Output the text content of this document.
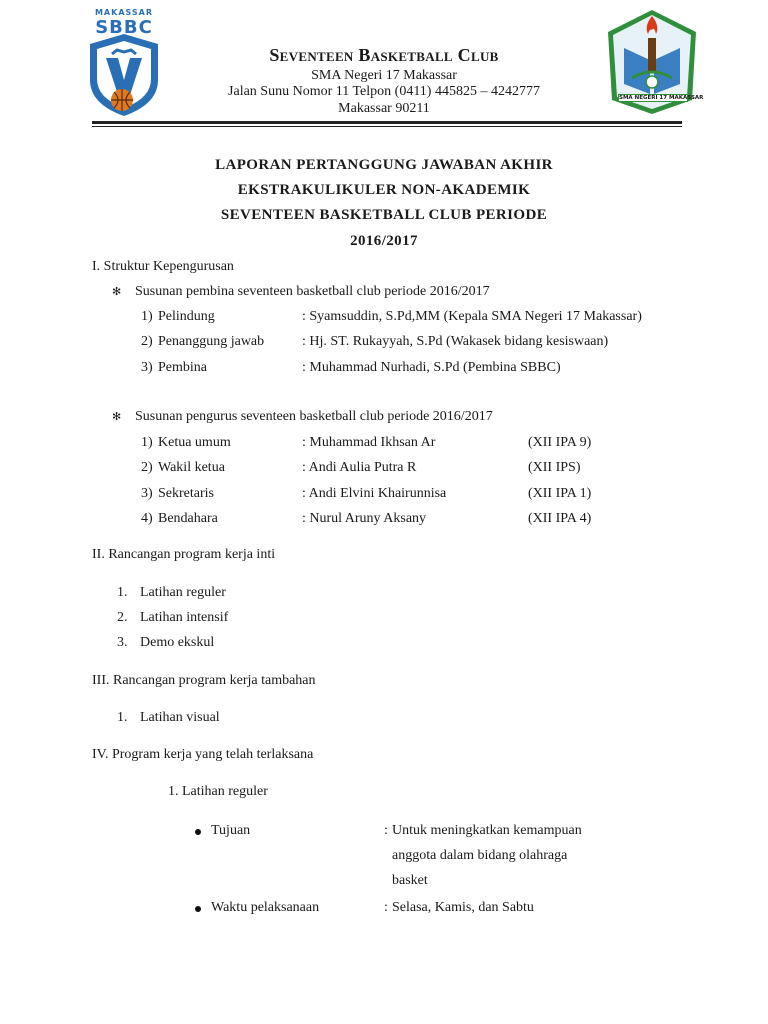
MAKASSAR
SBBC
SMA NEGERI 17 MAKASSAR
Seventeen Basketball Club
SMA Negeri 17 Makassar
Jalan Sunu Nomor 11 Telpon (0411) 445825 – 4242777
Makassar 90211
LAPORAN PERTANGGUNG JAWABAN AKHIR
EKSTRAKULIKULER NON-AKADEMIK
SEVENTEEN BASKETBALL CLUB PERIODE
2016/2017
I. Struktur Kepengurusan
✻ Susunan pembina seventeen basketball club periode 2016/2017
1) Pelindung	: Syamsuddin, S.Pd,MM (Kepala SMA Negeri 17 Makassar)
2) Penanggung jawab	: Hj. ST. Rukayyah, S.Pd (Wakasek bidang kesiswaan)
3) Pembina	: Muhammad Nurhadi, S.Pd (Pembina SBBC)
✻ Susunan pengurus seventeen basketball club periode 2016/2017
1) Ketua umum	: Muhammad Ikhsan Ar	(XII IPA 9)
2) Wakil ketua	: Andi Aulia Putra R	(XII IPS)
3) Sekretaris	: Andi Elvini Khairunnisa	(XII IPA 1)
4) Bendahara	: Nurul Aruny Aksany	(XII IPA 4)
II. Rancangan program kerja inti
1. Latihan reguler
2. Latihan intensif
3. Demo ekskul
III. Rancangan program kerja tambahan
1. Latihan visual
IV. Program kerja yang telah terlaksana
1. Latihan reguler
Tujuan	: Untuk meningkatkan kemampuan
anggota dalam bidang olahraga
basket
Waktu pelaksanaan	: Selasa, Kamis, dan Sabtu
